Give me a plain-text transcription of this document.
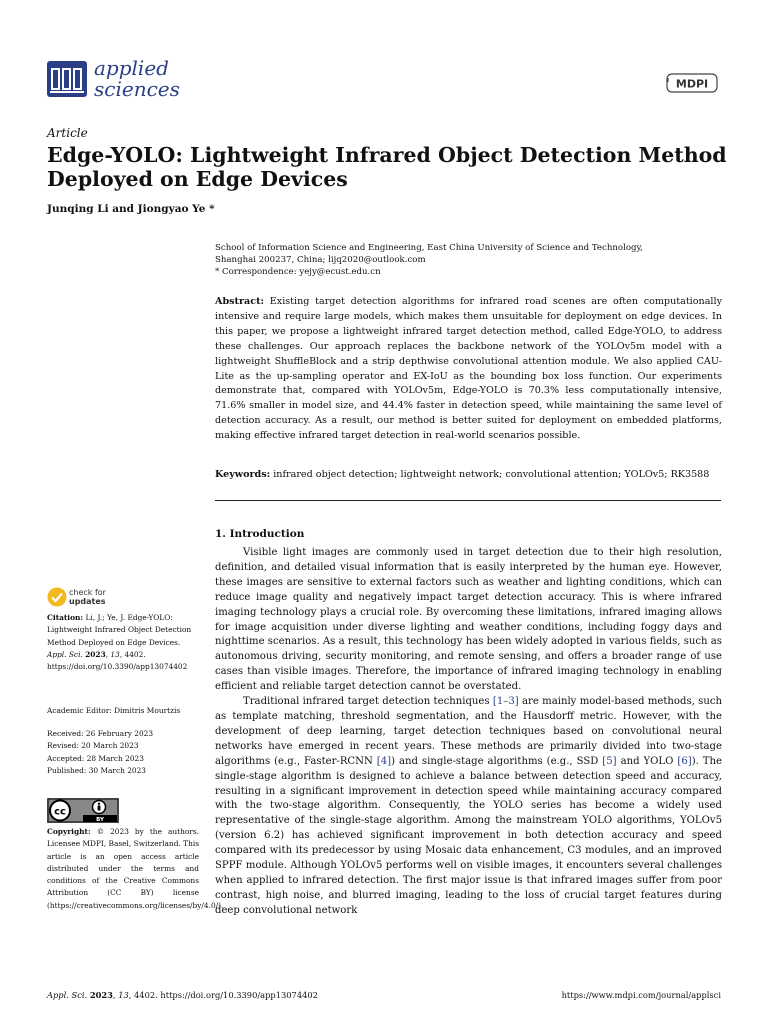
applied
sciences	MDPI
Article
Edge-YOLO: Lightweight Infrared Object Detection Method Deployed on Edge Devices
Junqing Li and Jiongyao Ye *
School of Information Science and Engineering, East China University of Science and Technology,
Shanghai 200237, China; lijq2020@outlook.com
* Correspondence: yejy@ecust.edu.cn
Abstract: Existing target detection algorithms for infrared road scenes are often computationally intensive and require large models, which makes them unsuitable for deployment on edge devices. In this paper, we propose a lightweight infrared target detection method, called Edge-YOLO, to address these challenges. Our approach replaces the backbone network of the YOLOv5m model with a lightweight ShuffleBlock and a strip depthwise convolutional attention module. We also applied CAU-Lite as the up-sampling operator and EX-IoU as the bounding box loss function. Our experiments demonstrate that, compared with YOLOv5m, Edge-YOLO is 70.3% less computationally intensive, 71.6% smaller in model size, and 44.4% faster in detection speed, while maintaining the same level of detection accuracy. As a result, our method is better suited for deployment on embedded platforms, making effective infrared target detection in real-world scenarios possible.
Keywords: infrared object detection; lightweight network; convolutional attention; YOLOv5; RK3588
1. Introduction

Visible light images are commonly used in target detection due to their high resolution, definition, and detailed visual information that is easily interpreted by the human eye. However, these images are sensitive to external factors such as weather and lighting conditions, which can reduce image quality and negatively impact target detection accuracy. This is where infrared imaging technology plays a crucial role. By overcoming these limitations, infrared imaging allows for image acquisition under diverse lighting and weather conditions, including foggy days and nighttime scenarios. As a result, this technology has been widely adopted in various fields, such as autonomous driving, security monitoring, and remote sensing, and offers a broader range of use cases than visible images. Therefore, the importance of infrared imaging technology in enabling efficient and reliable target detection cannot be overstated.

Traditional infrared target detection techniques [1–3] are mainly model-based methods, such as template matching, threshold segmentation, and the Hausdorff metric. However, with the development of deep learning, target detection techniques based on convolutional neural networks have emerged in recent years. These methods are primarily divided into two-stage algorithms (e.g., Faster-RCNN [4]) and single-stage algorithms (e.g., SSD [5] and YOLO [6]). The single-stage algorithm is designed to achieve a balance between detection speed and accuracy, resulting in a significant improvement in detection speed while maintaining accuracy compared with the two-stage algorithm. Consequently, the YOLO series has become a widely used representative of the single-stage algorithm. Among the mainstream YOLO algorithms, YOLOv5 (version 6.2) has achieved significant improvement in both detection accuracy and speed compared with its predecessor by using Mosaic data enhancement, C3 modules, and an improved SPPF module. Although YOLOv5 performs well on visible images, it encounters several challenges when applied to infrared detection. The first major issue is that infrared images suffer from poor contrast, high noise, and blurred imaging, leading to the loss of crucial target features during deep convolutional network

check for
updates
Citation: Li, J.; Ye, J. Edge-YOLO: Lightweight Infrared Object Detection Method Deployed on Edge Devices. Appl. Sci. 2023, 13, 4402. https://doi.org/10.3390/app13074402
Academic Editor: Dimitris Mourtzis
Received: 26 February 2023
Revised: 20 March 2023
Accepted: 28 March 2023
Published: 30 March 2023
cc
BY
Copyright: © 2023 by the authors. Licensee MDPI, Basel, Switzerland. This article is an open access article distributed under the terms and conditions of the Creative Commons Attribution (CC BY) license (https://creativecommons.org/licenses/by/4.0/).
Appl. Sci. 2023, 13, 4402. https://doi.org/10.3390/app13074402	https://www.mdpi.com/journal/applsci
